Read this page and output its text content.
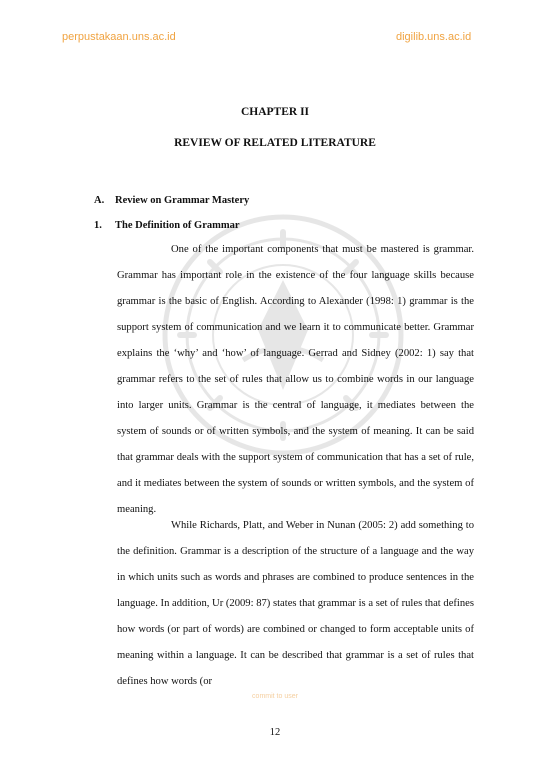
perpustakaan.uns.ac.id	digilib.uns.ac.id
CHAPTER II
REVIEW OF RELATED LITERATURE
A. Review on Grammar Mastery
1. The Definition of Grammar

One of the important components that must be mastered is grammar. Grammar has important role in the existence of the four language skills because grammar is the basic of English. According to Alexander (1998: 1) grammar is the support system of communication and we learn it to communicate better. Grammar explains the ‘why’ and ‘how’ of language. Gerrad and Sidney (2002: 1) say that grammar refers to the set of rules that allow us to combine words in our language into larger units. Grammar is the central of language, it mediates between the system of sounds or of written symbols, and the system of meaning. It can be said that grammar deals with the support system of communication that has a set of rule, and it mediates between the system of sounds or written symbols, and the system of meaning.

While Richards, Platt, and Weber in Nunan (2005: 2) add something to the definition. Grammar is a description of the structure of a language and the way in which units such as words and phrases are combined to produce sentences in the language. In addition, Ur (2009: 87) states that grammar is a set of rules that defines how words (or part of words) are combined or changed to form acceptable units of meaning within a language. It can be described that grammar is a set of rules that defines how words (or

commit to user
12
